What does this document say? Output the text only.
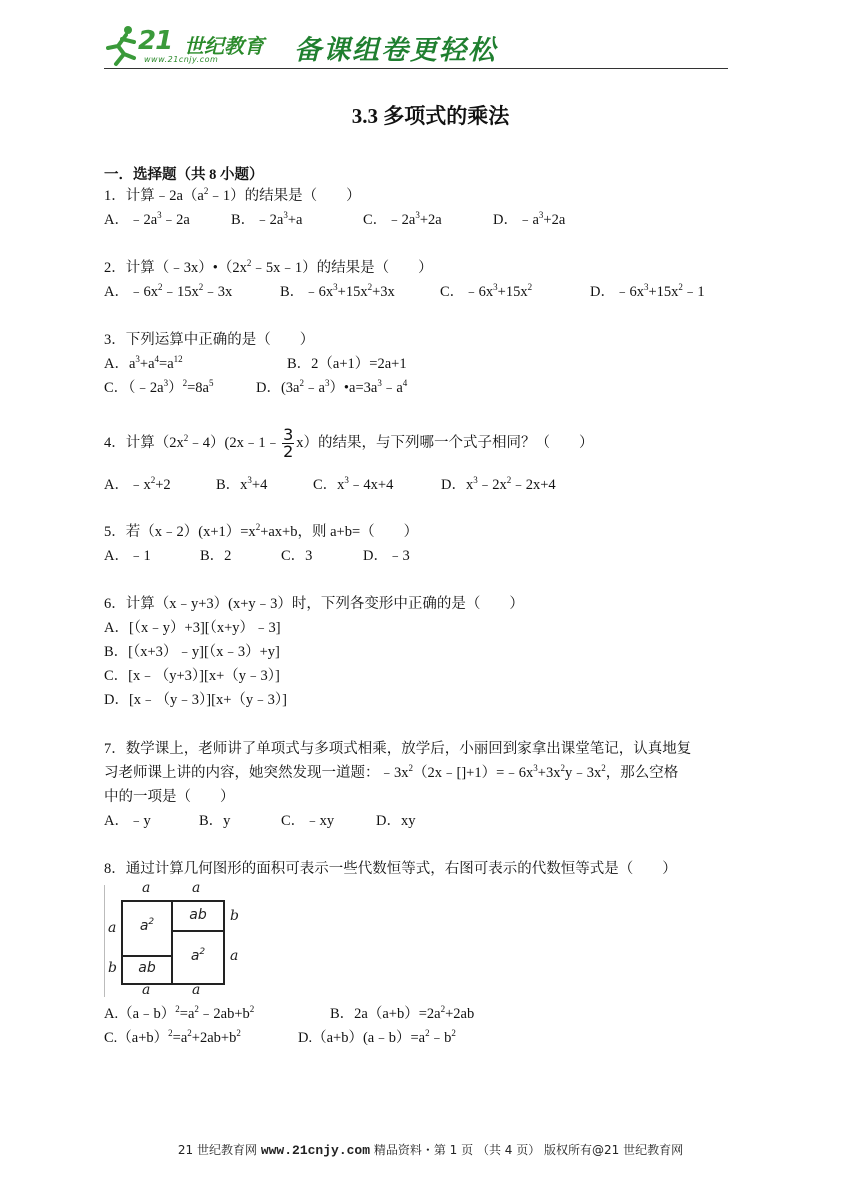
21 世纪教育
www.21cnjy.com	备课组卷更轻松
3.3 多项式的乘法
一．选择题（共 8 小题）
1．计算$﹣2a(a^2﹣1)$的结果是（　　）
A．$﹣2a^3﹣2a$	B．$﹣2a^3+a$	C．$﹣2a^3+2a$	D．$﹣a^3+2a$
2．计算$(﹣3x)•(2x^2﹣5x﹣1)$的结果是（　　）
A．$﹣6x^2﹣15x^2﹣3x$	B．$﹣6x^3+15x^2+3x$	C．$﹣6x^3+15x^2$	D．$﹣6x^3+15x^2﹣1$
3．下列运算中正确的是（　　）
A．$a^3+a^4=a^{12}$	B．2（a+1）=2a+1
C．$(﹣2a^3)^2=8a^5$	D．$(3a^2﹣a^3)•a=3a^3﹣a^4$
4．计算$(2x^2﹣4)(2x﹣1﹣ \frac{3}{2} x)$的结果，与下列哪一个式子相同？（　　）
A．$﹣x^2+2$	B．$x^3+4$	C．$x^3﹣4x+4$	D．$x^3﹣2x^2﹣2x+4$
5．若$(x﹣2)(x+1)=x^2+ax+b$，则 a+b=（　　）
A．﹣1	B．2	C．3	D．﹣3
6．计算（x﹣y+3）(x+y﹣3）时，下列各变形中正确的是（　　）
A．[（x﹣y）+3][（x+y）﹣3]
B．[（x+3）﹣y][（x﹣3）+y]
C．[x﹣（y+3）][x+（y﹣3）]
D．[x﹣（y﹣3）][x+（y﹣3）]
7．数学课上，老师讲了单项式与多项式相乘，放学后，小丽回到家拿出课堂笔记，认真地复
习老师课上讲的内容，她突然发现一道题：$﹣3x^2(2x﹣[]+1)=﹣6x^3+3x^2y﹣3x^2$，那么空格
中的一项是（　　）
A．﹣y	B．y	C．﹣xy	D．xy
8．通过计算几何图形的面积可表示一些代数恒等式，右图可表示的代数恒等式是（　　）
a	a
a
b
b
a
a	a
$a^2$	ab
ab
$a^2$
$A.(a﹣b)^2=a^2﹣2ab+b^2$	B．$2a(a+b)=2a^2+2ab$
$C.(a+b)^2=a^2+2ab+b^2$	$D.(a+b)(a﹣b)=a^2﹣b^2$
21 世纪教育网 www.21cnjy.com 精品资料・第 1 页 （共 4 页） 版权所有@21 世纪教育网
